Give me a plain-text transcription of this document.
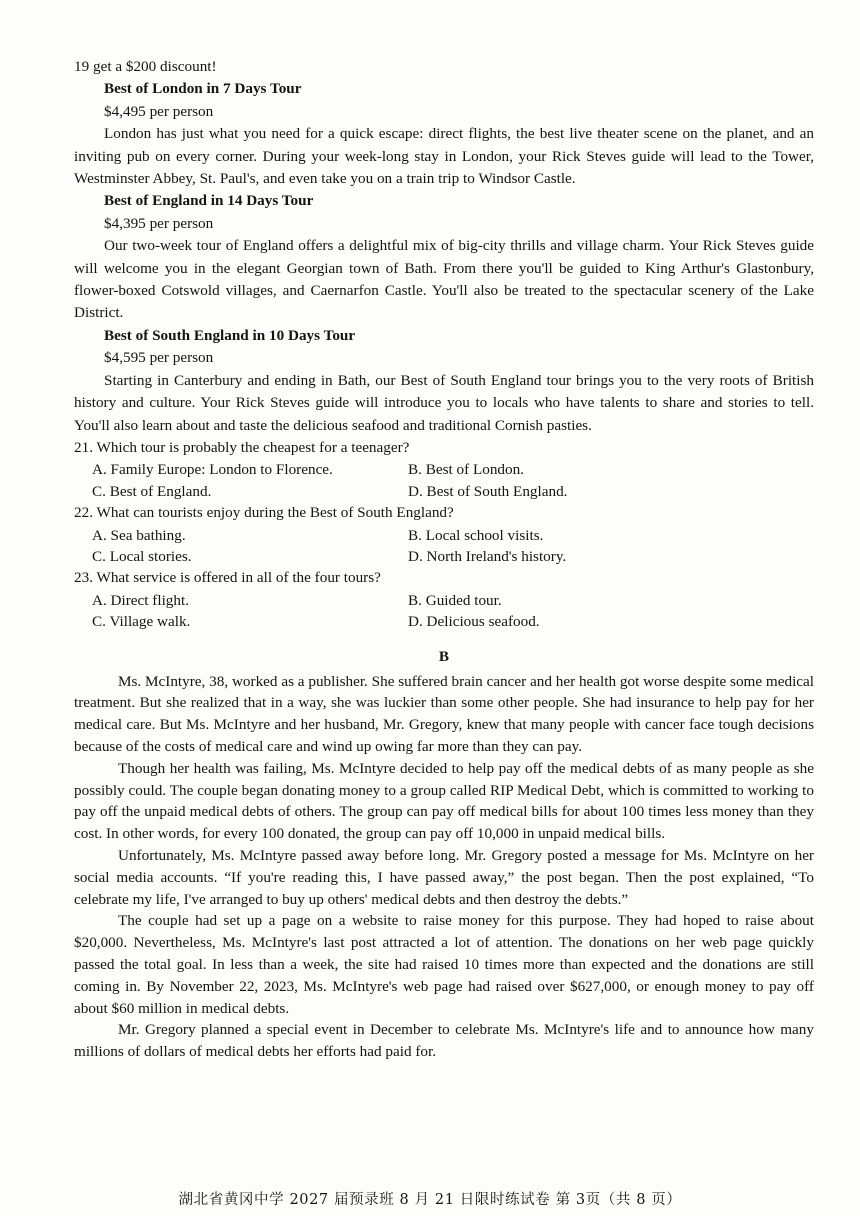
19 get a $200 discount!

Best of London in 7 Days Tour

$4,495 per person

London has just what you need for a quick escape: direct flights, the best live theater scene on the planet, and an inviting pub on every corner. During your week-long stay in London, your Rick Steves guide will lead to the Tower, Westminster Abbey, St. Paul's, and even take you on a train trip to Windsor Castle.

Best of England in 14 Days Tour

$4,395 per person

Our two-week tour of England offers a delightful mix of big-city thrills and village charm. Your Rick Steves guide will welcome you in the elegant Georgian town of Bath. From there you'll be guided to King Arthur's Glastonbury, flower-boxed Cotswold villages, and Caernarfon Castle. You'll also be treated to the spectacular scenery of the Lake District.

Best of South England in 10 Days Tour

$4,595 per person

Starting in Canterbury and ending in Bath, our Best of South England tour brings you to the very roots of British history and culture. Your Rick Steves guide will introduce you to locals who have talents to share and stories to tell. You'll also learn about and taste the delicious seafood and traditional Cornish pasties.

21. Which tour is probably the cheapest for a teenager?

A. Family Europe: London to Florence.	B. Best of London.
C. Best of England.	D. Best of South England.

22. What can tourists enjoy during the Best of South England?

A. Sea bathing.	B. Local school visits.
C. Local stories.	D. North Ireland's history.

23. What service is offered in all of the four tours?

A. Direct flight.	B. Guided tour.
C. Village walk.	D. Delicious seafood.
B

Ms. McIntyre, 38, worked as a publisher. She suffered brain cancer and her health got worse despite some medical treatment. But she realized that in a way, she was luckier than some other people. She had insurance to help pay for her medical care. But Ms. McIntyre and her husband, Mr. Gregory, knew that many people with cancer face tough decisions because of the costs of medical care and wind up owing far more than they can pay.

Though her health was failing, Ms. McIntyre decided to help pay off the medical debts of as many people as she possibly could. The couple began donating money to a group called RIP Medical Debt, which is committed to working to pay off the unpaid medical debts of others. The group can pay off medical bills for about 100 times less money than they cost. In other words, for every 100 donated, the group can pay off 10,000 in unpaid medical bills.

Unfortunately, Ms. McIntyre passed away before long. Mr. Gregory posted a message for Ms. McIntyre on her social media accounts. “If you're reading this, I have passed away,” the post began. Then the post explained, “To celebrate my life, I've arranged to buy up others' medical debts and then destroy the debts.”

The couple had set up a page on a website to raise money for this purpose. They had hoped to raise about $20,000. Nevertheless, Ms. McIntyre's last post attracted a lot of attention. The donations on her web page quickly passed the total goal. In less than a week, the site had raised 10 times more than expected and the donations are still coming in. By November 22, 2023, Ms. McIntyre's web page had raised over $627,000, or enough money to pay off about $60 million in medical debts.

Mr. Gregory planned a special event in December to celebrate Ms. McIntyre's life and to announce how many millions of dollars of medical debts her efforts had paid for.

湖北省黄冈中学 2027 届预录班 8 月 21 日限时练试卷 第 3页（共 8 页）
